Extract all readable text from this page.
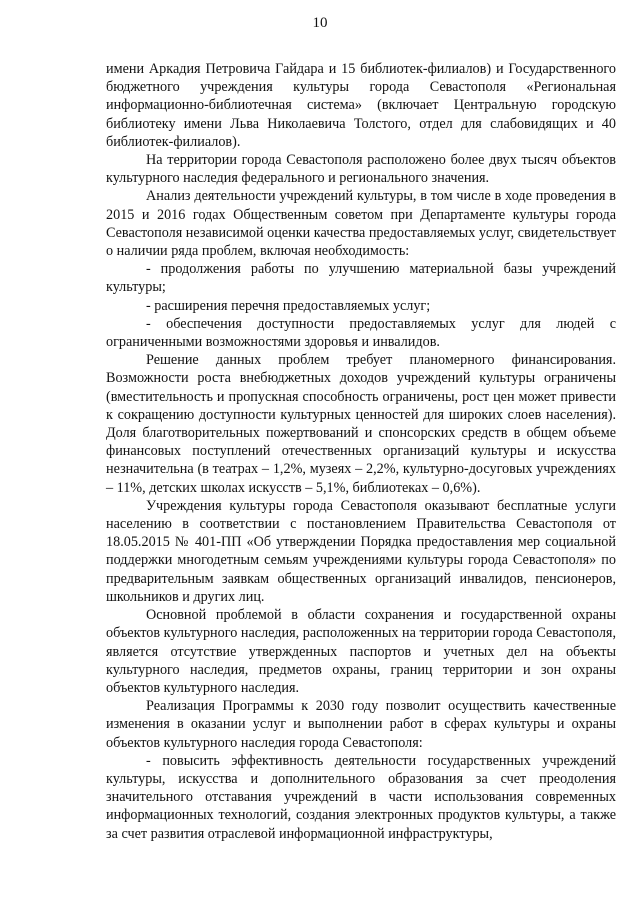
10

имени Аркадия Петровича Гайдара и 15 библиотек-филиалов) и Государственного бюджетного учреждения культуры города Севастополя «Региональная информационно-библиотечная система» (включает Центральную городскую библиотеку имени Льва Николаевича Толстого, отдел для слабовидящих и 40 библиотек-филиалов).

На территории города Севастополя расположено более двух тысяч объектов культурного наследия федерального и регионального значения.

Анализ деятельности учреждений культуры, в том числе в ходе проведения в 2015 и 2016 годах Общественным советом при Департаменте культуры города Севастополя независимой оценки качества предоставляемых услуг, свидетельствует о наличии ряда проблем, включая необходимость:

- продолжения работы по улучшению материальной базы учреждений культуры;

- расширения перечня предоставляемых услуг;

- обеспечения доступности предоставляемых услуг для людей с ограниченными возможностями здоровья и инвалидов.

Решение данных проблем требует планомерного финансирования. Возможности роста внебюджетных доходов учреждений культуры ограничены (вместительность и пропускная способность ограничены, рост цен может привести к сокращению доступности культурных ценностей для широких слоев населения). Доля благотворительных пожертвований и спонсорских средств в общем объеме финансовых поступлений отечественных организаций культуры и искусства незначительна (в театрах – 1,2%, музеях – 2,2%, культурно-досуговых учреждениях – 11%, детских школах искусств – 5,1%, библиотеках – 0,6%).

Учреждения культуры города Севастополя оказывают бесплатные услуги населению в соответствии с постановлением Правительства Севастополя от 18.05.2015 № 401-ПП «Об утверждении Порядка предоставления мер социальной поддержки многодетным семьям учреждениями культуры города Севастополя» по предварительным заявкам общественных организаций инвалидов, пенсионеров, школьников и других лиц.

Основной проблемой в области сохранения и государственной охраны объектов культурного наследия, расположенных на территории города Севастополя, является отсутствие утвержденных паспортов и учетных дел на объекты культурного наследия, предметов охраны, границ территории и зон охраны объектов культурного наследия.

Реализация Программы к 2030 году позволит осуществить качественные изменения в оказании услуг и выполнении работ в сферах культуры и охраны объектов культурного наследия города Севастополя:

- повысить эффективность деятельности государственных учреждений культуры, искусства и дополнительного образования за счет преодоления значительного отставания учреждений в части использования современных информационных технологий, создания электронных продуктов культуры, а также за счет развития отраслевой информационной инфраструктуры,
